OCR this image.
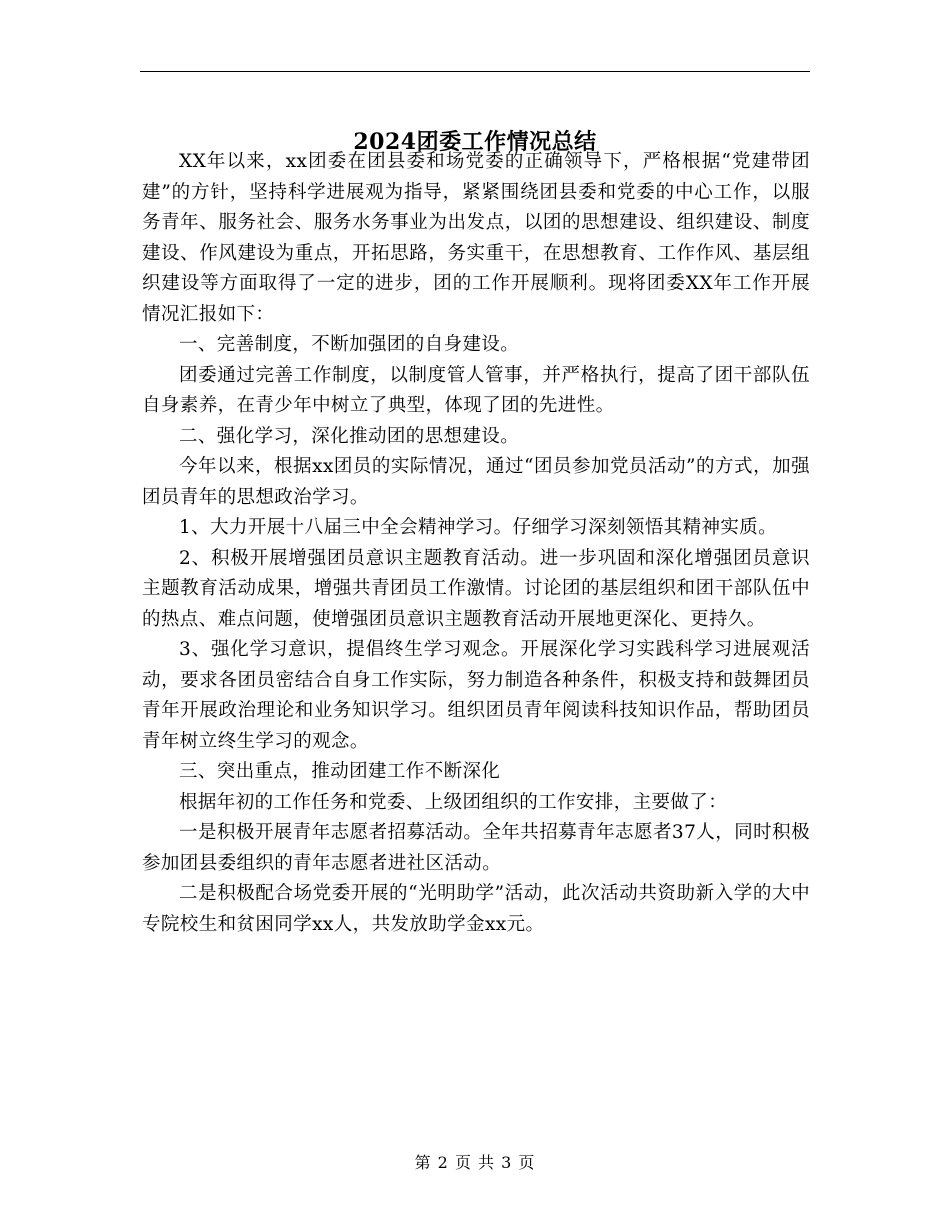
2024团委工作情况总结

XX年以来，xx团委在团县委和场党委的正确领导下，严格根据“党建带团建”的方针，坚持科学进展观为指导，紧紧围绕团县委和党委的中心工作，以服务青年、服务社会、服务水务事业为出发点，以团的思想建设、组织建设、制度建设、作风建设为重点，开拓思路，务实重干，在思想教育、工作作风、基层组织建设等方面取得了一定的进步，团的工作开展顺利。现将团委XX年工作开展情况汇报如下：

一、完善制度，不断加强团的自身建设。

团委通过完善工作制度，以制度管人管事，并严格执行，提高了团干部队伍自身素养，在青少年中树立了典型，体现了团的先进性。

二、强化学习，深化推动团的思想建设。

今年以来，根据xx团员的实际情况，通过“团员参加党员活动”的方式，加强团员青年的思想政治学习。

1、大力开展十八届三中全会精神学习。仔细学习深刻领悟其精神实质。

2、积极开展增强团员意识主题教育活动。进一步巩固和深化增强团员意识主题教育活动成果，增强共青团员工作激情。讨论团的基层组织和团干部队伍中的热点、难点问题，使增强团员意识主题教育活动开展地更深化、更持久。

3、强化学习意识，提倡终生学习观念。开展深化学习实践科学习进展观活动，要求各团员密结合自身工作实际，努力制造各种条件，积极支持和鼓舞团员青年开展政治理论和业务知识学习。组织团员青年阅读科技知识作品，帮助团员青年树立终生学习的观念。

三、突出重点，推动团建工作不断深化

根据年初的工作任务和党委、上级团组织的工作安排，主要做了：

一是积极开展青年志愿者招募活动。全年共招募青年志愿者37人，同时积极参加团县委组织的青年志愿者进社区活动。

二是积极配合场党委开展的“光明助学”活动，此次活动共资助新入学的大中专院校生和贫困同学xx人，共发放助学金xx元。

第 2 页 共 3 页
